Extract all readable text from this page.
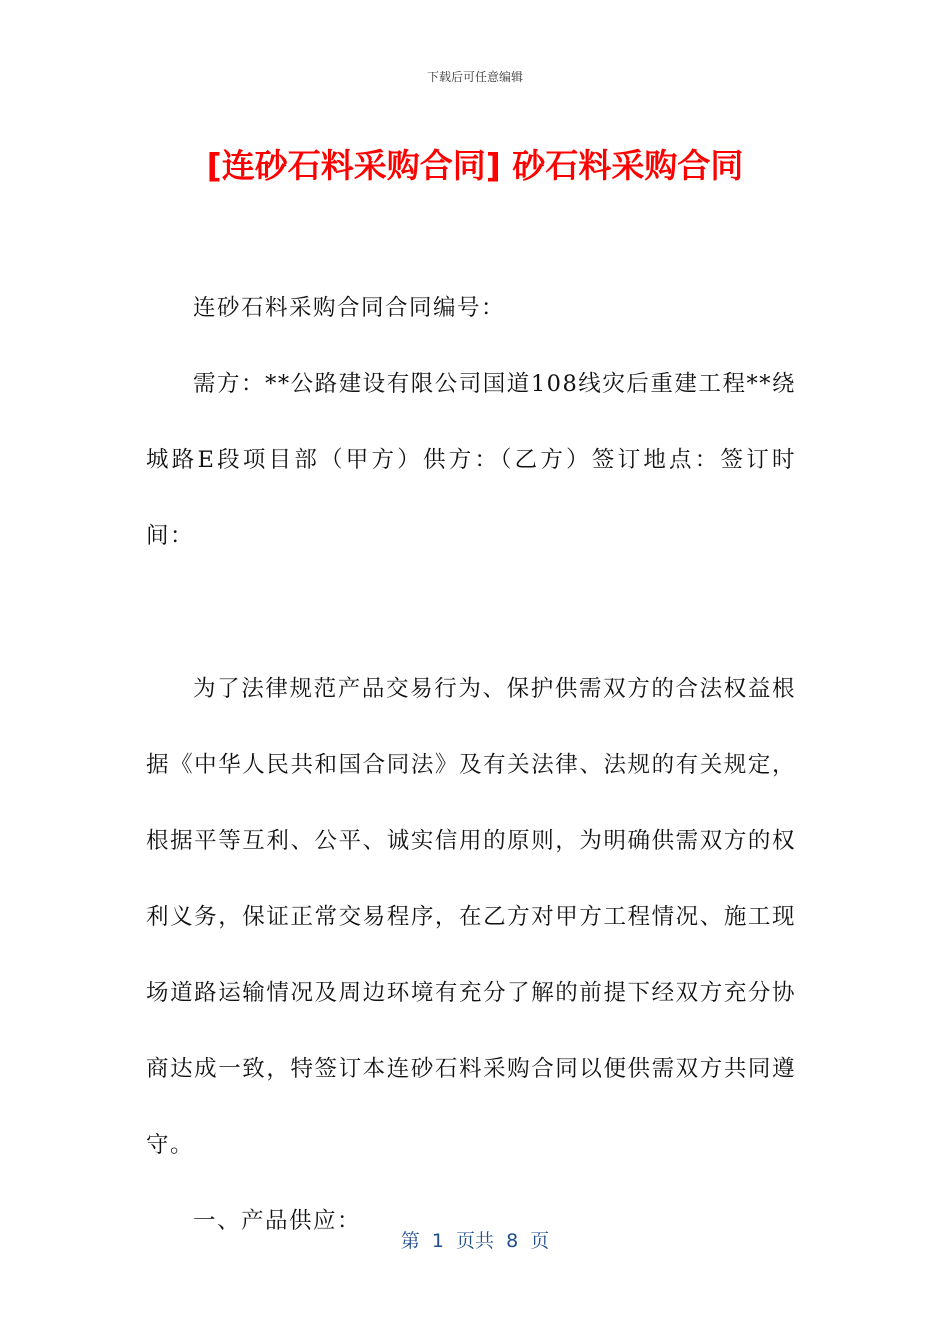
下载后可任意编辑
[连砂石料采购合同] 砂石料采购合同

连砂石料采购合同合同编号：

需方：**公路建设有限公司国道108线灾后重建工程**绕城路E段项目部（甲方）供方：（乙方）签订地点：签订时间：

为了法律规范产品交易行为、保护供需双方的合法权益根据《中华人民共和国合同法》及有关法律、法规的有关规定，根据平等互利、公平、诚实信用的原则，为明确供需双方的权利义务，保证正常交易程序，在乙方对甲方工程情况、施工现场道路运输情况及周边环境有充分了解的前提下经双方充分协商达成一致，特签订本连砂石料采购合同以便供需双方共同遵守。

一、产品供应：

第  1  页共  8  页
